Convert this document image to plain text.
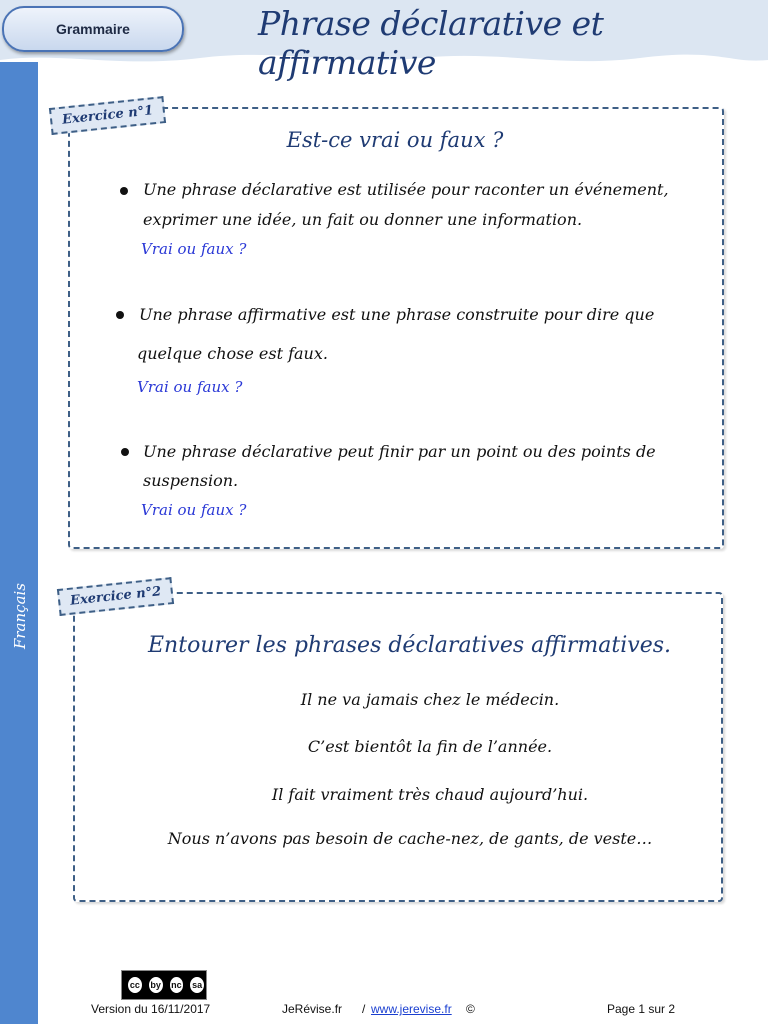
Grammaire	Phrase déclarative et affirmative
Français
Exercice n°1
Est-ce vrai ou faux ?
Une phrase déclarative est utilisée pour raconter un événement,
exprimer une idée, un fait ou donner une information.
Vrai ou faux ?
Une phrase affirmative est une phrase construite pour dire que
quelque chose est faux.
Vrai ou faux ?
Une phrase déclarative peut finir par un point ou des points de
suspension.
Vrai ou faux ?
Exercice n°2
Entourer les phrases déclaratives affirmatives.
Il ne va jamais chez le médecin.
C’est bientôt la fin de l’année.
Il fait vraiment très chaud aujourd’hui.
Nous n’avons pas besoin de cache-nez, de gants, de veste…
cc	by	nc	sa
Version du 16/11/2017	JeRévise.fr / www.jerevise.fr ©	Page 1 sur 2
